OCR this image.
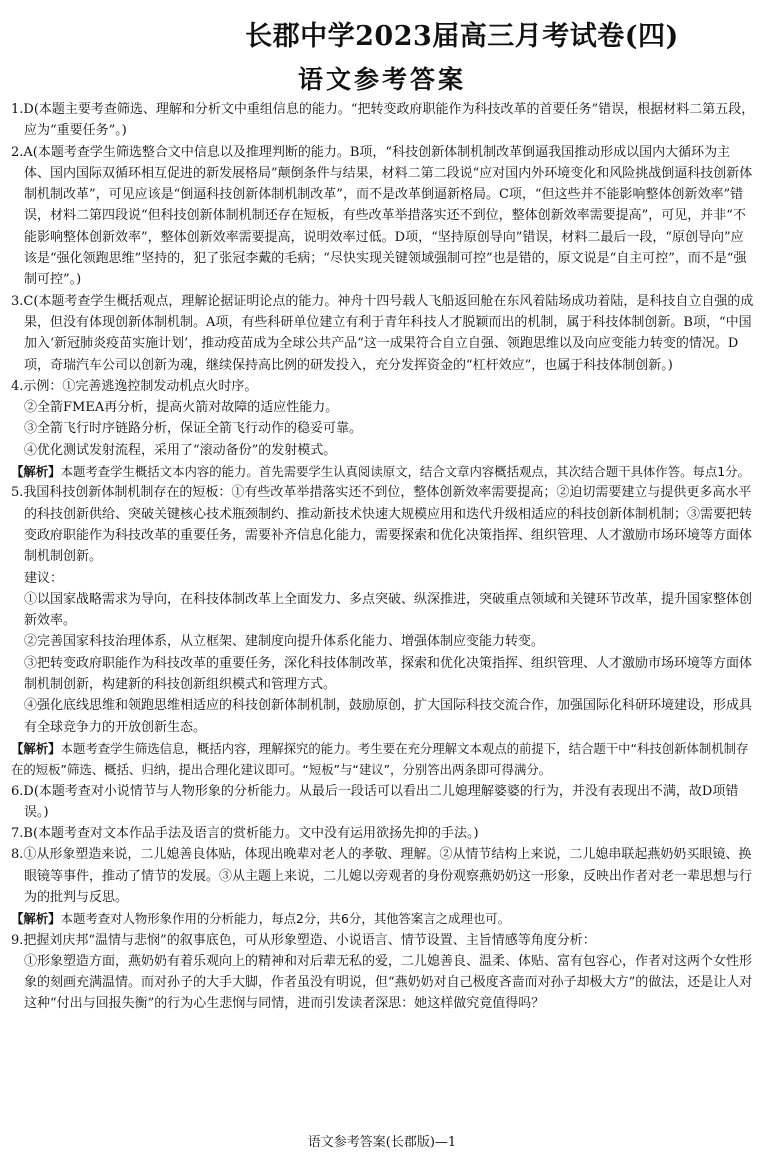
长郡中学2023届高三月考试卷(四)
语文参考答案

1.D(本题主要考查筛选、理解和分析文中重组信息的能力。“把转变政府职能作为科技改革的首要任务”错误，根据材料二第五段，应为“重要任务”。)

2.A(本题考查学生筛选整合文中信息以及推理判断的能力。B项，“科技创新体制机制改革倒逼我国推动形成以国内大循环为主体、国内国际双循环相互促进的新发展格局”颠倒条件与结果，材料二第二段说“应对国内外环境变化和风险挑战倒逼科技创新体制机制改革”，可见应该是“倒逼科技创新体制机制改革”，而不是改革倒逼新格局。C项，“但这些并不能影响整体创新效率”错误，材料二第四段说“但科技创新体制机制还存在短板，有些改革举措落实还不到位，整体创新效率需要提高”，可见，并非“不能影响整体创新效率”，整体创新效率需要提高，说明效率过低。D项，“坚持原创导向”错误，材料二最后一段，“原创导向”应该是“强化领跑思维”坚持的，犯了张冠李戴的毛病；“尽快实现关键领域强制可控”也是错的，原文说是“自主可控”，而不是“强制可控”。)

3.C(本题考查学生概括观点，理解论据证明论点的能力。神舟十四号载人飞船返回舱在东风着陆场成功着陆，是科技自立自强的成果，但没有体现创新体制机制。A项，有些科研单位建立有利于青年科技人才脱颖而出的机制，属于科技体制创新。B项，“中国加入‘新冠肺炎疫苗实施计划’，推动疫苗成为全球公共产品”这一成果符合自立自强、领跑思维以及向应变能力转变的情况。D项，奇瑞汽车公司以创新为魂，继续保持高比例的研发投入，充分发挥资金的“杠杆效应”，也属于科技体制创新。)

4.示例：①完善逃逸控制发动机点火时序。

②全箭FMEA再分析，提高火箭对故障的适应性能力。

③全箭飞行时序链路分析，保证全箭飞行动作的稳妥可靠。

④优化测试发射流程，采用了“滚动备份”的发射模式。

【解析】本题考查学生概括文本内容的能力。首先需要学生认真阅读原文，结合文章内容概括观点，其次结合题干具体作答。每点1分。

5.我国科技创新体制机制存在的短板：①有些改革举措落实还不到位，整体创新效率需要提高；②迫切需要建立与提供更多高水平的科技创新供给、突破关键核心技术瓶颈制约、推动新技术快速大规模应用和迭代升级相适应的科技创新体制机制；③需要把转变政府职能作为科技改革的重要任务，需要补齐信息化能力，需要探索和优化决策指挥、组织管理、人才激励市场环境等方面体制机制创新。

建议：

①以国家战略需求为导向，在科技体制改革上全面发力、多点突破、纵深推进，突破重点领域和关键环节改革，提升国家整体创新效率。

②完善国家科技治理体系，从立框架、建制度向提升体系化能力、增强体制应变能力转变。

③把转变政府职能作为科技改革的重要任务，深化科技体制改革，探索和优化决策指挥、组织管理、人才激励市场环境等方面体制机制创新，构建新的科技创新组织模式和管理方式。

④强化底线思维和领跑思维相适应的科技创新体制机制，鼓励原创，扩大国际科技交流合作，加强国际化科研环境建设，形成具有全球竞争力的开放创新生态。

【解析】本题考查学生筛选信息，概括内容，理解探究的能力。考生要在充分理解文本观点的前提下，结合题干中“科技创新体制机制存在的短板”筛选、概括、归纳，提出合理化建议即可。“短板”与“建议”，分别答出两条即可得满分。

6.D(本题考查对小说情节与人物形象的分析能力。从最后一段话可以看出二儿媳理解婆婆的行为，并没有表现出不满，故D项错误。)

7.B(本题考查对文本作品手法及语言的赏析能力。文中没有运用欲扬先抑的手法。)

8.①从形象塑造来说，二儿媳善良体贴，体现出晚辈对老人的孝敬、理解。②从情节结构上来说，二儿媳串联起燕奶奶买眼镜、换眼镜等事件，推动了情节的发展。③从主题上来说，二儿媳以旁观者的身份观察燕奶奶这一形象，反映出作者对老一辈思想与行为的批判与反思。

【解析】本题考查对人物形象作用的分析能力，每点2分，共6分，其他答案言之成理也可。

9.把握刘庆邦“温情与悲悯”的叙事底色，可从形象塑造、小说语言、情节设置、主旨情感等角度分析：

①形象塑造方面，燕奶奶有着乐观向上的精神和对后辈无私的爱，二儿媳善良、温柔、体贴、富有包容心，作者对这两个女性形象的刻画充满温情。而对孙子的大手大脚，作者虽没有明说，但“燕奶奶对自己极度吝啬而对孙子却极大方”的做法，还是让人对这种“付出与回报失衡”的行为心生悲悯与同情，进而引发读者深思：她这样做究竟值得吗？

语文参考答案(长郡版)—1
